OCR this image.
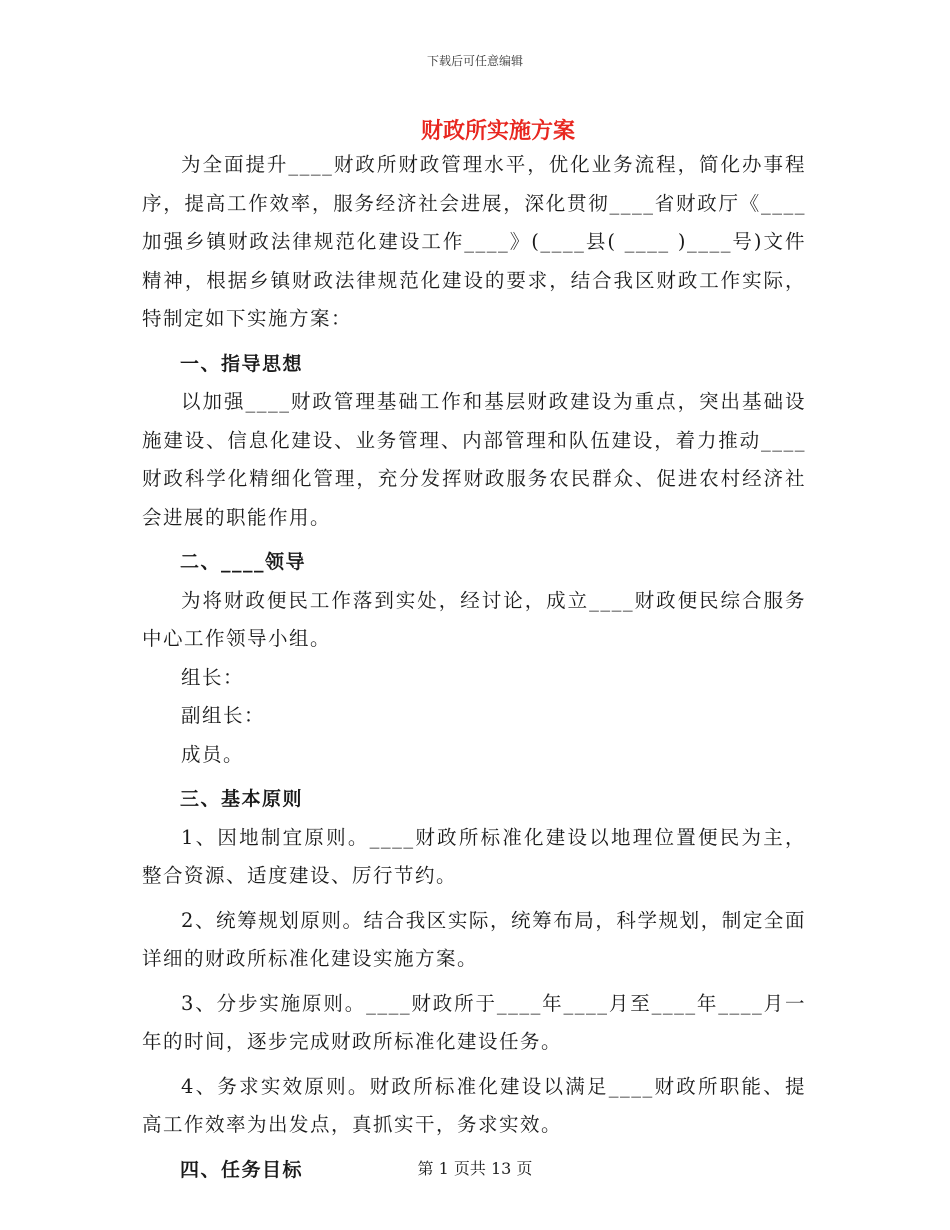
下载后可任意编辑
财政所实施方案

为全面提升____财政所财政管理水平，优化业务流程，简化办事程序，提高工作效率，服务经济社会进展，深化贯彻____省财政厅《____加强乡镇财政法律规范化建设工作____》(____县( ____ )____号)文件精神，根据乡镇财政法律规范化建设的要求，结合我区财政工作实际，特制定如下实施方案：

一、指导思想

以加强____财政管理基础工作和基层财政建设为重点，突出基础设施建设、信息化建设、业务管理、内部管理和队伍建设，着力推动____财政科学化精细化管理，充分发挥财政服务农民群众、促进农村经济社会进展的职能作用。

二、____领导

为将财政便民工作落到实处，经讨论，成立____财政便民综合服务中心工作领导小组。

组长：

副组长：

成员。

三、基本原则

1、因地制宜原则。____财政所标准化建设以地理位置便民为主，整合资源、适度建设、厉行节约。

2、统筹规划原则。结合我区实际，统筹布局，科学规划，制定全面详细的财政所标准化建设实施方案。

3、分步实施原则。____财政所于____年____月至____年____月一年的时间，逐步完成财政所标准化建设任务。

4、务求实效原则。财政所标准化建设以满足____财政所职能、提高工作效率为出发点，真抓实干，务求实效。

四、任务目标	第 1 页共 13 页
